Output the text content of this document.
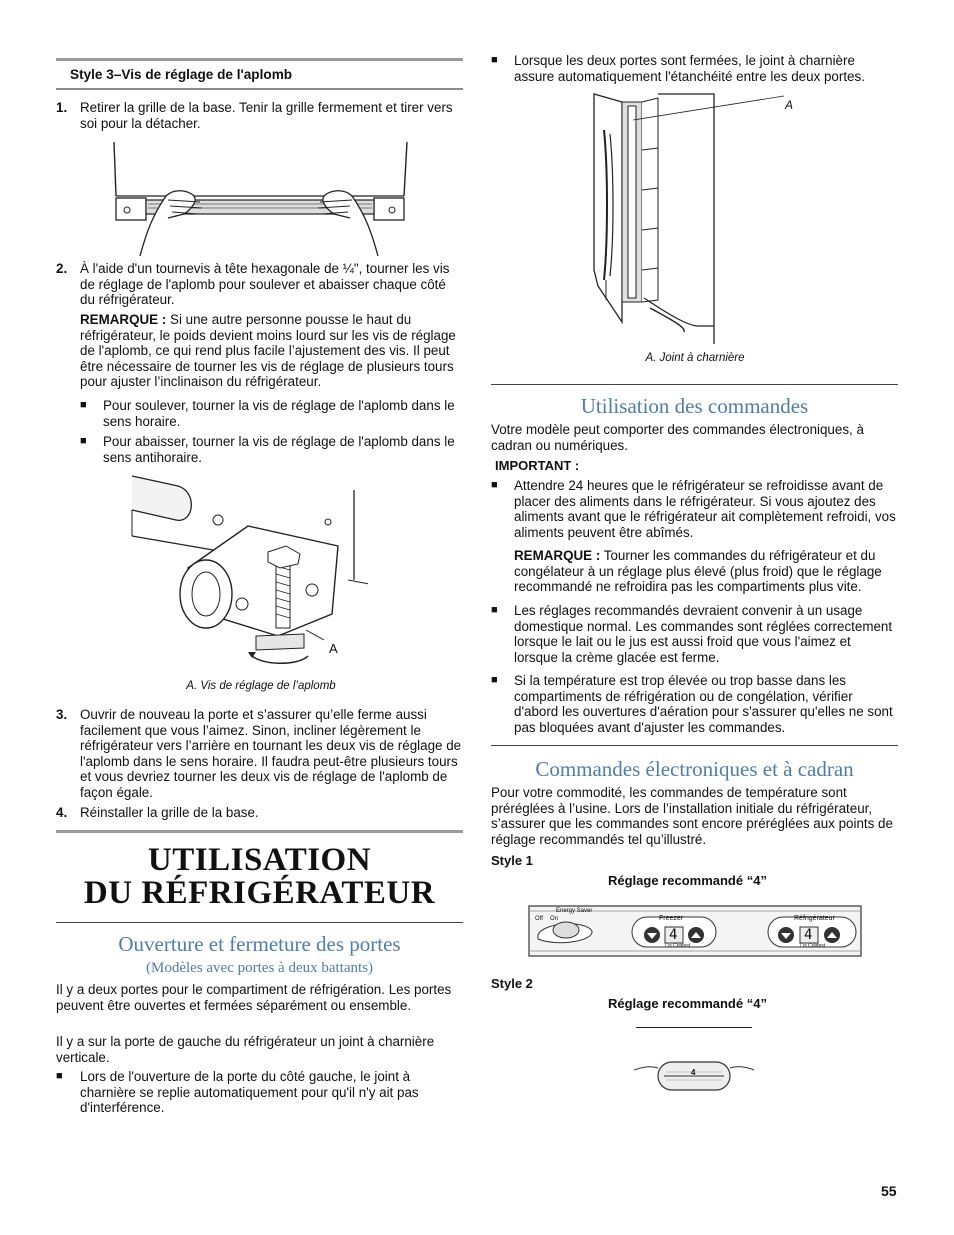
Style 3–Vis de réglage de l'aplomb
1. Retirer la grille de la base. Tenir la grille fermement et tirer vers soi pour la détacher.
2. À l'aide d'un tournevis à tête hexagonale de ¼", tourner les vis de réglage de l'aplomb pour soulever et abaisser chaque côté du réfrigérateur.
REMARQUE : Si une autre personne pousse le haut du réfrigérateur, le poids devient moins lourd sur les vis de réglage de l'aplomb, ce qui rend plus facile l’ajustement des vis. Il peut être nécessaire de tourner les vis de réglage de plusieurs tours pour ajuster l’inclinaison du réfrigérateur.
■ Pour soulever, tourner la vis de réglage de l'aplomb dans le sens horaire.
■ Pour abaisser, tourner la vis de réglage de l'aplomb dans le sens antihoraire.
A
A. Vis de réglage de l’aplomb
3. Ouvrir de nouveau la porte et s’assurer qu’elle ferme aussi facilement que vous l’aimez. Sinon, incliner légèrement le réfrigérateur vers l’arrière en tournant les deux vis de réglage de l'aplomb dans le sens horaire. Il faudra peut-être plusieurs tours et vous devriez tourner les deux vis de réglage de l'aplomb de façon égale.
4. Réinstaller la grille de la base.
UTILISATION
DU RÉFRIGÉRATEUR
Ouverture et fermeture des portes
(Modèles avec portes à deux battants)
Il y a deux portes pour le compartiment de réfrigération. Les portes peuvent être ouvertes et fermées séparément ou ensemble.
Il y a sur la porte de gauche du réfrigérateur un joint à charnière verticale.
■ Lors de l'ouverture de la porte du côté gauche, le joint à charnière se replie automatiquement pour qu'il n'y ait pas d'interférence.
■ Lorsque les deux portes sont fermées, le joint à charnière assure automatiquement l'étanchéité entre les deux portes.
A
A. Joint à charnière
Utilisation des commandes
Votre modèle peut comporter des commandes électroniques, à cadran ou numériques.
IMPORTANT :
■ Attendre 24 heures que le réfrigérateur se refroidisse avant de placer des aliments dans le réfrigérateur. Si vous ajoutez des aliments avant que le réfrigérateur ait complètement refroidi, vos aliments peuvent être abîmés.
REMARQUE : Tourner les commandes du réfrigérateur et du congélateur à un réglage plus élevé (plus froid) que le réglage recommandé ne refroidira pas les compartiments plus vite.
■ Les réglages recommandés devraient convenir à un usage domestique normal. Les commandes sont réglées correctement lorsque le lait ou le jus est aussi froid que vous l'aimez et lorsque la crème glacée est ferme.
■ Si la température est trop élevée ou trop basse dans les compartiments de réfrigération ou de congélation, vérifier d'abord les ouvertures d'aération pour s'assurer qu'elles ne sont pas bloquées avant d'ajuster les commandes.
Commandes électroniques et à cadran
Pour votre commodité, les commandes de température sont préréglées à l’usine. Lors de l’installation initiale du réfrigérateur, s’assurer que les commandes sont encore préréglées aux points de réglage recommandés tel qu’illustré.
Style 1
Réglage recommandé “4”
Off On
Energy Saver
Freezer	Réfrigérateur
4	4
7 is Coldest	7 is Coldest
Style 2
Réglage recommandé “4”
4
55
